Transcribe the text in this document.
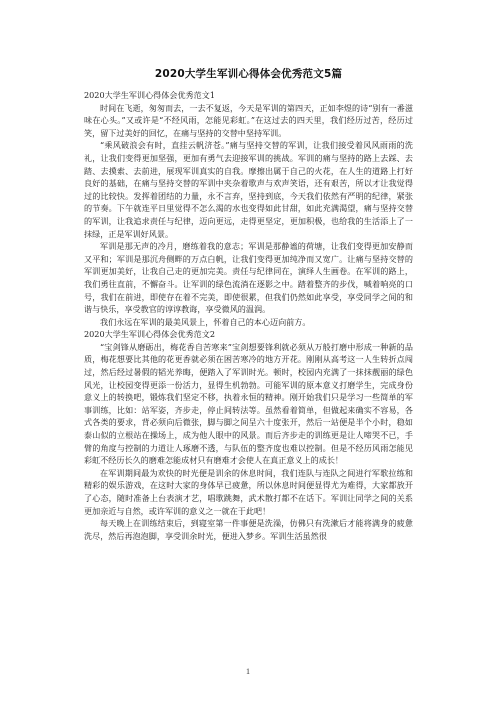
2020大学生军训心得体会优秀范文5篇

2020大学生军训心得体会优秀范文1

时间在飞逝，匆匆而去，一去不复返，今天是军训的第四天，正如李煜的诗“别有一番滋味在心头。”又或许是“不经风雨，怎能见彩虹。”在这过去的四天里，我们经历过苦，经历过笑，留下过美好的回忆，在痛与坚持的交替中坚持军训。

“乘风破浪会有时，直挂云帆济苍。”痛与坚持交替的军训，让我们接受着风风雨雨的洗礼，让我们变得更加坚强，更加有勇气去迎接军训的挑战。军训的痛与坚持的路上去踩、去踏、去摸索、去前进，展现军训真实的自我。摩擦出属于自己的火花，在人生的道路上打好良好的基础，在痛与坚持交替的军训中夹杂着歌声与欢声笑语，还有艰苦，所以才让我觉得过的比较快。发挥着团结的力量，永不言弃，坚持到底，今天我们依然有严明的纪律，紧张的节奏。下午就连平日里觉得不怎么渴的水也变得如此甘甜，如此充满渴望，痛与坚持交替的军训，让我追求责任与纪律，迈向更远，走得更坚定，更加积极，也给我的生活添上了一抹绿，正是军训好风景。

军训是那无声的冷月，磨练着我的意志；军训是那静谧的荷塘，让我们变得更加安静而又平和；军训是那沉舟侧畔的万点白帆，让我们变得更加纯净而又宽广。让痛与坚持交替的军训更加美好，让我自己走的更加完美。责任与纪律同在，演绎人生画卷。在军训的路上，我们勇往直前，不懈奋斗。让军训的绿色流淌在逐影之中。踏着整齐的步伐，喊着响亮的口号，我们在前进，即使存在着不完美，即使很累，但我们仍然如此享受，享受同学之间的和谐与快乐，享受教官的谆谆教诲，享受微风的温润。

我们永远在军训的最美风景上，怀着自己的本心迈向前方。

2020大学生军训心得体会优秀范文2

“宝剑锋从磨砺出，梅花香自苦寒来”宝剑想要锋利就必须从万般打磨中形成一种新的品质，梅花想要比其他的花更香就必须在困苦寒冷的地方开花。刚刚从高考这一人生转折点闯过，然后经过暑假的韬光养晦，便踏入了军训时光。顿时，校园内充满了一抹抹靓丽的绿色风光，让校园变得更添一份活力，显得生机勃勃。可能军训的原本意义打磨学生，完成身份意义上的转换吧，锻炼我们坚定不移，执着永恒的精神。刚开始我们只是学习一些简单的军事训练，比如：站军姿，齐步走，停止间转法等。虽然看着简单，但做起来确实不容易，各式各类的要求，背必须向后微张，脚与脚之间呈六十度张开，然后一站便是半个小时，稳如泰山似的立根站在操场上，成为他人眼中的风景。而后齐步走的训练更是让人啼哭不已，手臂的角度与控制的力道让人琢磨不透，与队伍的整齐度也难以控制。但是不经历风雨怎能见彩虹不经历长久的磨难怎能成材只有磨难才会使人在真正意义上的成长！

在军训期间最为欢快的时光便是训余的休息时间，我们连队与连队之间进行军歌拉练和精彩的娱乐游戏，在这时大家的身体早已疲惫，所以休息时间便显得尤为难得，大家都放开了心态，随时准备上台表演才艺，唱歌跳舞，武术散打都不在话下。军训让同学之间的关系更加亲近与自然，或许军训的意义之一就在于此吧！

每天晚上在训练结束后，到寝室第一件事便是洗澡，仿佛只有洗漱后才能将满身的疲惫洗尽，然后再泡泡脚，享受训余时光，便进入梦乡。军训生活虽然很

1
